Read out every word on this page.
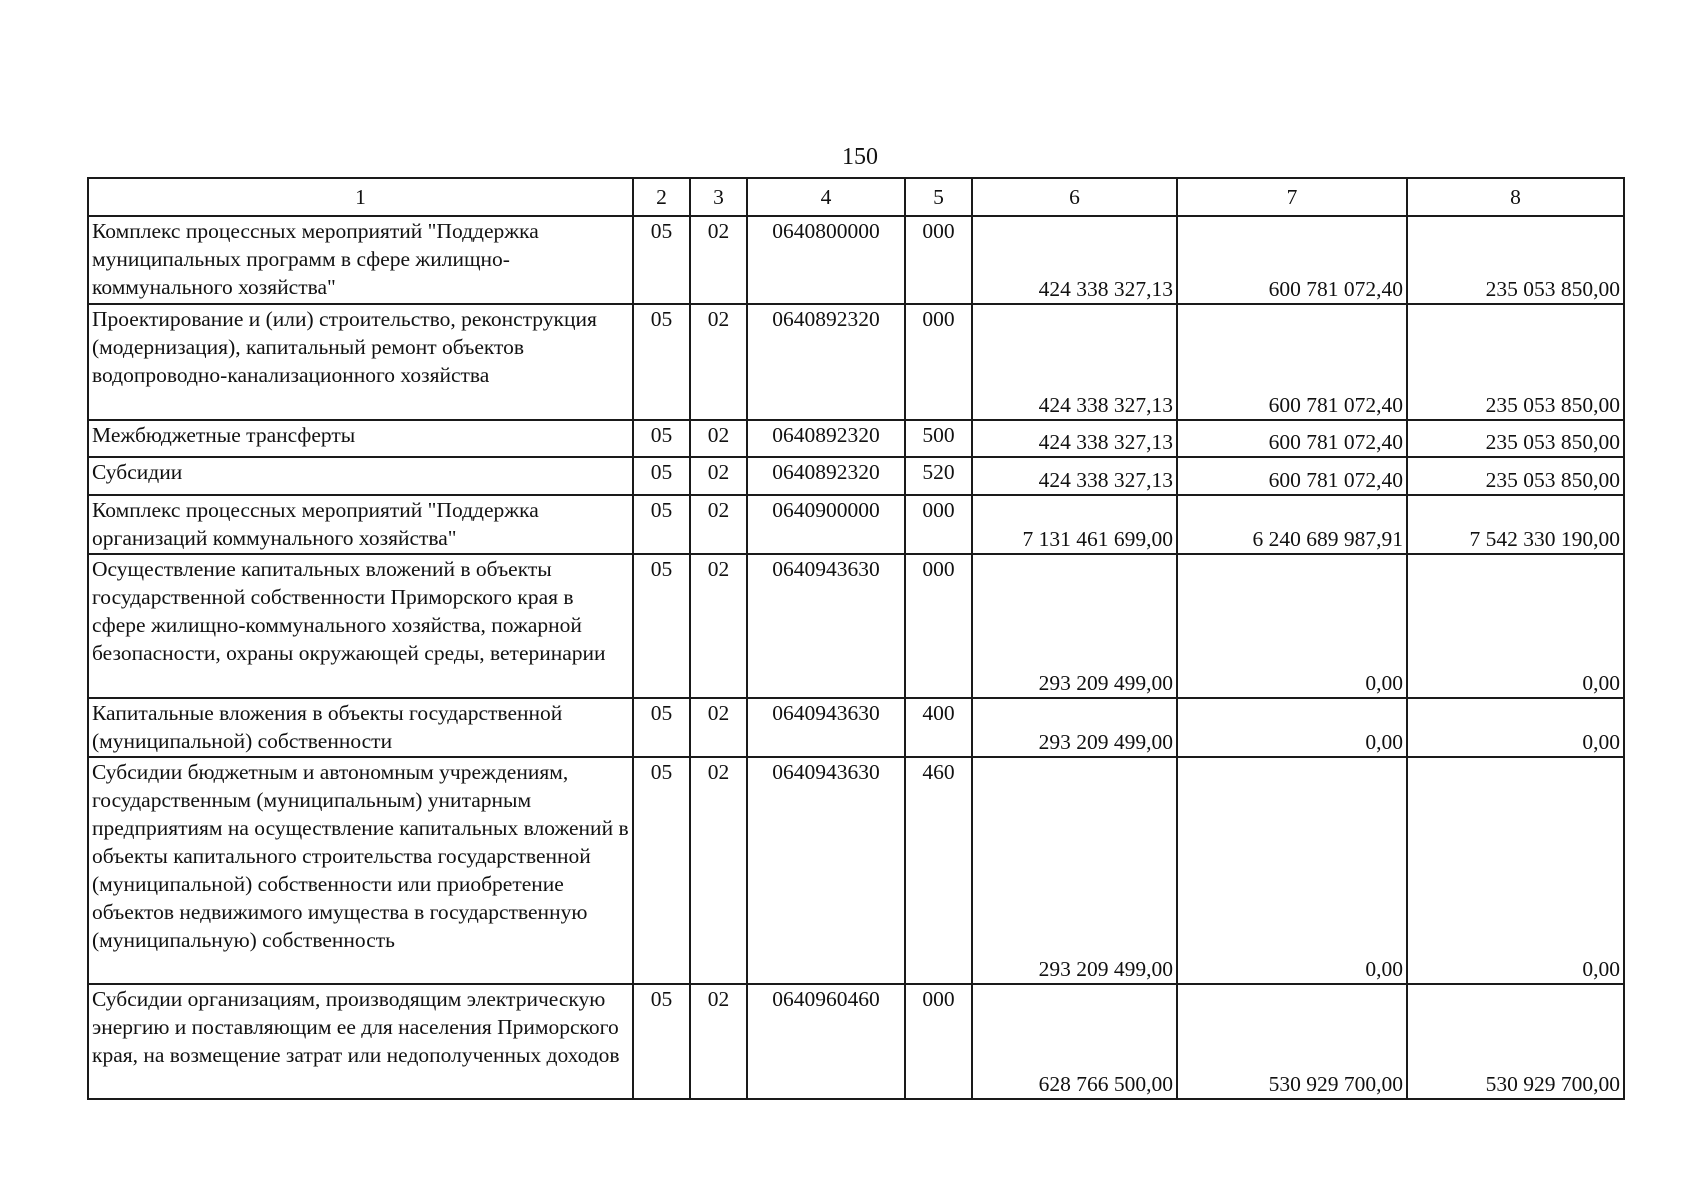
150
1	2	3	4	5	6	7	8
Комплекс процессных мероприятий "Поддержка муниципальных программ в сфере жилищно-коммунального хозяйства"	05	02	0640800000	000	424 338 327,13	600 781 072,40	235 053 850,00
Проектирование и (или) строительство, реконструкция (модернизация), капитальный ремонт объектов водопроводно-канализационного хозяйства	05	02	0640892320	000	424 338 327,13	600 781 072,40	235 053 850,00
Межбюджетные трансферты	05	02	0640892320	500	424 338 327,13	600 781 072,40	235 053 850,00
Субсидии	05	02	0640892320	520	424 338 327,13	600 781 072,40	235 053 850,00
Комплекс процессных мероприятий "Поддержка организаций коммунального хозяйства"	05	02	0640900000	000	7 131 461 699,00	6 240 689 987,91	7 542 330 190,00
Осуществление капитальных вложений в объекты государственной собственности Приморского края в сфере жилищно-коммунального хозяйства, пожарной безопасности, охраны окружающей среды, ветеринарии	05	02	0640943630	000	293 209 499,00	0,00	0,00
Капитальные вложения в объекты государственной (муниципальной) собственности	05	02	0640943630	400	293 209 499,00	0,00	0,00
Субсидии бюджетным и автономным учреждениям, государственным (муниципальным) унитарным предприятиям на осуществление капитальных вложений в объекты капитального строительства государственной (муниципальной) собственности или приобретение объектов недвижимого имущества в государственную (муниципальную) собственность	05	02	0640943630	460	293 209 499,00	0,00	0,00
Субсидии организациям, производящим электрическую энергию и поставляющим ее для населения Приморского края, на возмещение затрат или недополученных доходов	05	02	0640960460	000	628 766 500,00	530 929 700,00	530 929 700,00
